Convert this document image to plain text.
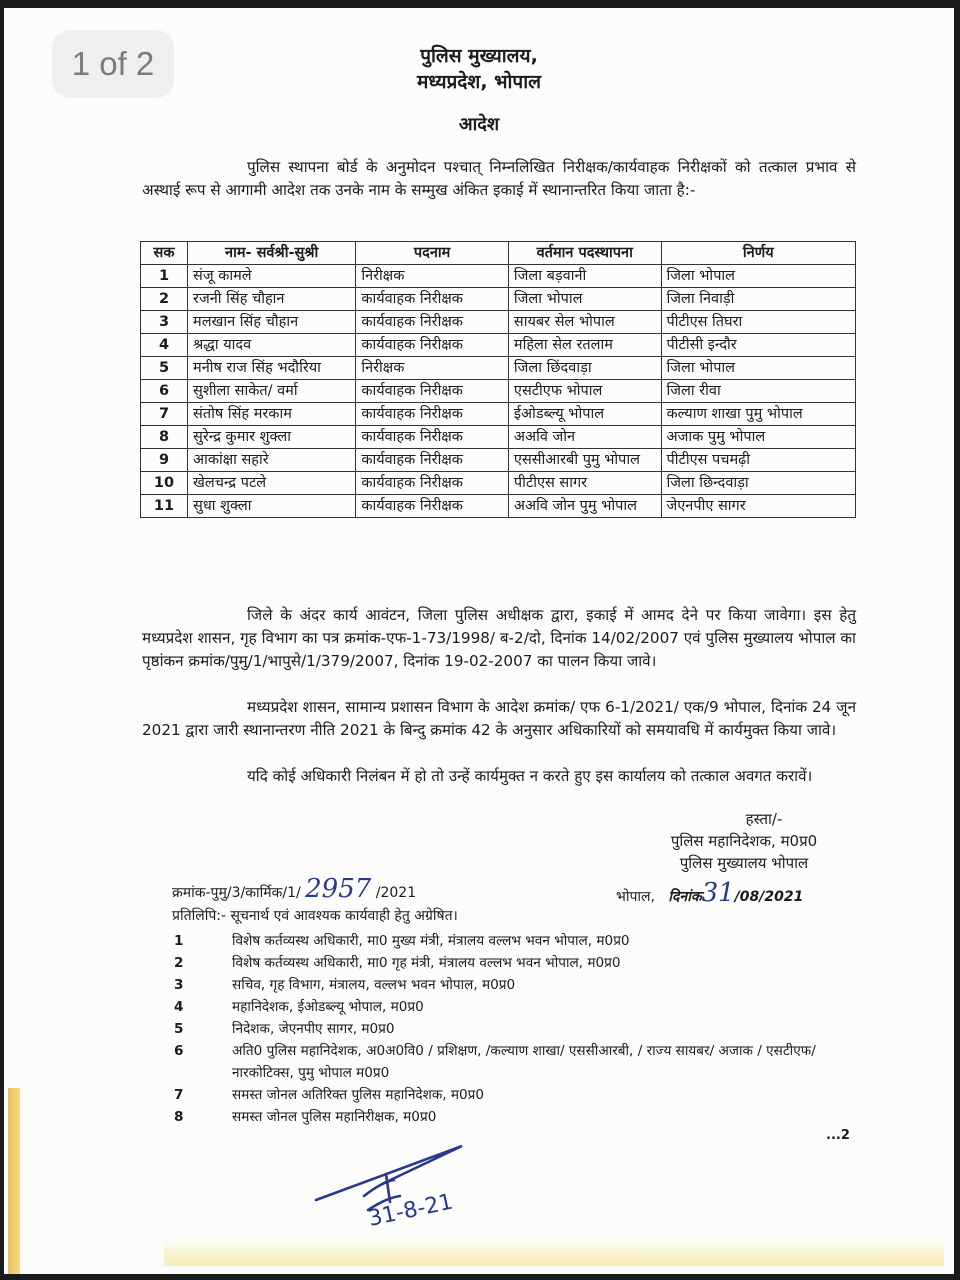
पुलिस मुख्यालय,
मध्यप्रदेश, भोपाल
आदेश
पुलिस स्थापना बोर्ड के अनुमोदन पश्चात् निम्नलिखित निरीक्षक/कार्यवाहक निरीक्षकों को तत्काल प्रभाव से अस्थाई रूप से आगामी आदेश तक उनके नाम के सम्मुख अंकित इकाई में स्थानान्तरित किया जाता है:-
सक	नाम- सर्वश्री-सुश्री	पदनाम	वर्तमान पदस्थापना	निर्णय
1	संजू कामले	निरीक्षक	जिला बड़वानी	जिला भोपाल
2	रजनी सिंह चौहान	कार्यवाहक निरीक्षक	जिला भोपाल	जिला निवाड़ी
3	मलखान सिंह चौहान	कार्यवाहक निरीक्षक	सायबर सेल भोपाल	पीटीएस तिघरा
4	श्रद्धा यादव	कार्यवाहक निरीक्षक	महिला सेल रतलाम	पीटीसी इन्दौर
5	मनीष राज सिंह भदौरिया	निरीक्षक	जिला छिंदवाड़ा	जिला भोपाल
6	सुशीला साकेत/ वर्मा	कार्यवाहक निरीक्षक	एसटीएफ भोपाल	जिला रीवा
7	संतोष सिंह मरकाम	कार्यवाहक निरीक्षक	ईओडब्ल्यू भोपाल	कल्याण शाखा पुमु भोपाल
8	सुरेन्द्र कुमार शुक्ला	कार्यवाहक निरीक्षक	अअवि जोन	अजाक पुमु भोपाल
9	आकांक्षा सहारे	कार्यवाहक निरीक्षक	एससीआरबी पुमु भोपाल	पीटीएस पचमढ़ी
10	खेलचन्द्र पटले	कार्यवाहक निरीक्षक	पीटीएस सागर	जिला छिन्दवाड़ा
11	सुधा शुक्ला	कार्यवाहक निरीक्षक	अअवि जोन पुमु भोपाल	जेएनपीए सागर
जिले के अंदर कार्य आवंटन, जिला पुलिस अधीक्षक द्वारा, इकाई में आमद देने पर किया जावेगा। इस हेतु मध्यप्रदेश शासन, गृह विभाग का पत्र क्रमांक-एफ-1-73/1998/ ब-2/दो, दिनांक 14/02/2007 एवं पुलिस मुख्यालय भोपाल का पृष्ठांकन क्रमांक/पुमु/1/भापुसे/1/379/2007, दिनांक 19-02-2007 का पालन किया जावे।
मध्यप्रदेश शासन, सामान्य प्रशासन विभाग के आदेश क्रमांक/ एफ 6-1/2021/ एक/9 भोपाल, दिनांक 24 जून 2021 द्वारा जारी स्थानान्तरण नीति 2021 के बिन्दु क्रमांक 42 के अनुसार अधिकारियों को समयावधि में कार्यमुक्त किया जावे।
यदि कोई अधिकारी निलंबन में हो तो उन्हें कार्यमुक्त न करते हुए इस कार्यालय को तत्काल अवगत करावें।
हस्ता/-
पुलिस महानिदेशक, म0प्र0
पुलिस मुख्यालय भोपाल
क्रमांक-पुमु/3/कार्मिक/1/ 2957 /2021	भोपाल, दिनांक31/08/2021
प्रतिलिपि:- सूचनार्थ एवं आवश्यक कार्यवाही हेतु अग्रेषित।
1	विशेष कर्तव्यस्थ अधिकारी, मा0 मुख्य मंत्री, मंत्रालय वल्लभ भवन भोपाल, म0प्र0
2	विशेष कर्तव्यस्थ अधिकारी, मा0 गृह मंत्री, मंत्रालय वल्लभ भवन भोपाल, म0प्र0
3	सचिव, गृह विभाग, मंत्रालय, वल्लभ भवन भोपाल, म0प्र0
4	महानिदेशक, ईओडब्ल्यू भोपाल, म0प्र0
5	निदेशक, जेएनपीए सागर, म0प्र0
6	अति0 पुलिस महानिदेशक, अ0अ0वि0 / प्रशिक्षण, /कल्याण शाखा/ एससीआरबी, / राज्य सायबर/ अजाक / एसटीएफ/ नारकोटिक्स, पुमु भोपाल म0प्र0
7	समस्त जोनल अतिरिक्त पुलिस महानिदेशक, म0प्र0
8	समस्त जोनल पुलिस महानिरीक्षक, म0प्र0
...2
31-8-21
1 of 2
